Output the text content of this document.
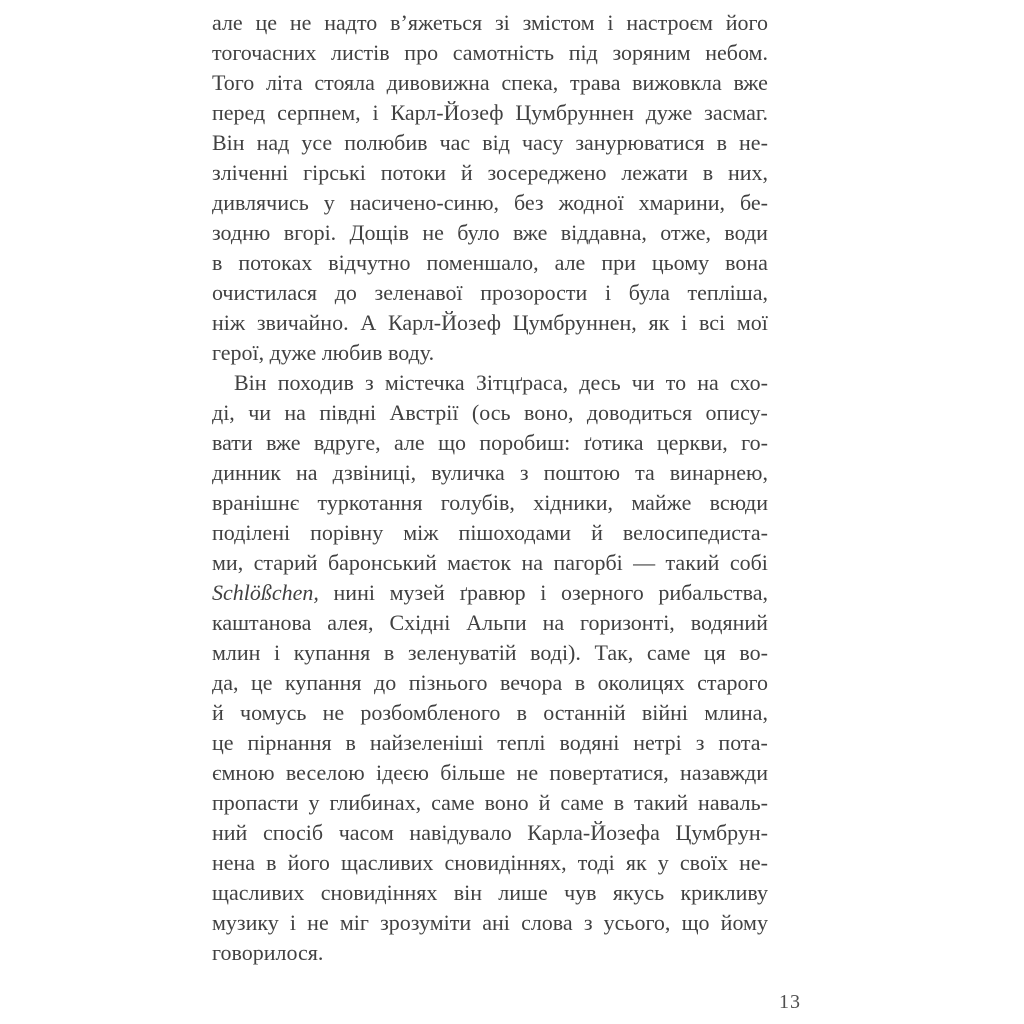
але це не надто в’яжеться зі змістом і настроєм його
тогочасних листів про самотність під зоряним небом.
Того літа стояла дивовижна спека, трава вижовкла вже
перед серпнем, і Карл-Йозеф Цумбруннен дуже засмаг.
Він над усе полюбив час від часу занурюватися в не-
зліченні гірські потоки й зосереджено лежати в них,
дивлячись у насичено-синю, без жодної хмарини, бе-
зодню вгорі. Дощів не було вже віддавна, отже, води
в потоках відчутно поменшало, але при цьому вона
очистилася до зеленавої прозорости і була тепліша,
ніж звичайно. А Карл-Йозеф Цумбруннен, як і всі мої
герої, дуже любив воду.
Він походив з містечка Зітцґраса, десь чи то на схо-
ді, чи на півдні Австрії (ось воно, доводиться опису-
вати вже вдруге, але що поробиш: ґотика церкви, го-
динник на дзвіниці, вуличка з поштою та винарнею,
вранішнє туркотання голубів, хідники, майже всюди
поділені порівну між пішоходами й велосипедиста-
ми, старий баронський маєток на пагорбі — такий собі
Schlößchen, нині музей ґравюр і озерного рибальства,
каштанова алея, Східні Альпи на горизонті, водяний
млин і купання в зеленуватій воді). Так, саме ця во-
да, це купання до пізнього вечора в околицях старого
й чомусь не розбомбленого в останній війні млина,
це пірнання в найзеленіші теплі водяні нетрі з пота-
ємною веселою ідеєю більше не повертатися, назавжди
пропасти у глибинах, саме воно й саме в такий наваль-
ний спосіб часом навідувало Карла-Йозефа Цумбрун-
нена в його щасливих сновидіннях, тоді як у своїх не-
щасливих сновидіннях він лише чув якусь крикливу
музику і не міг зрозуміти ані слова з усього, що йому
говорилося.
13
